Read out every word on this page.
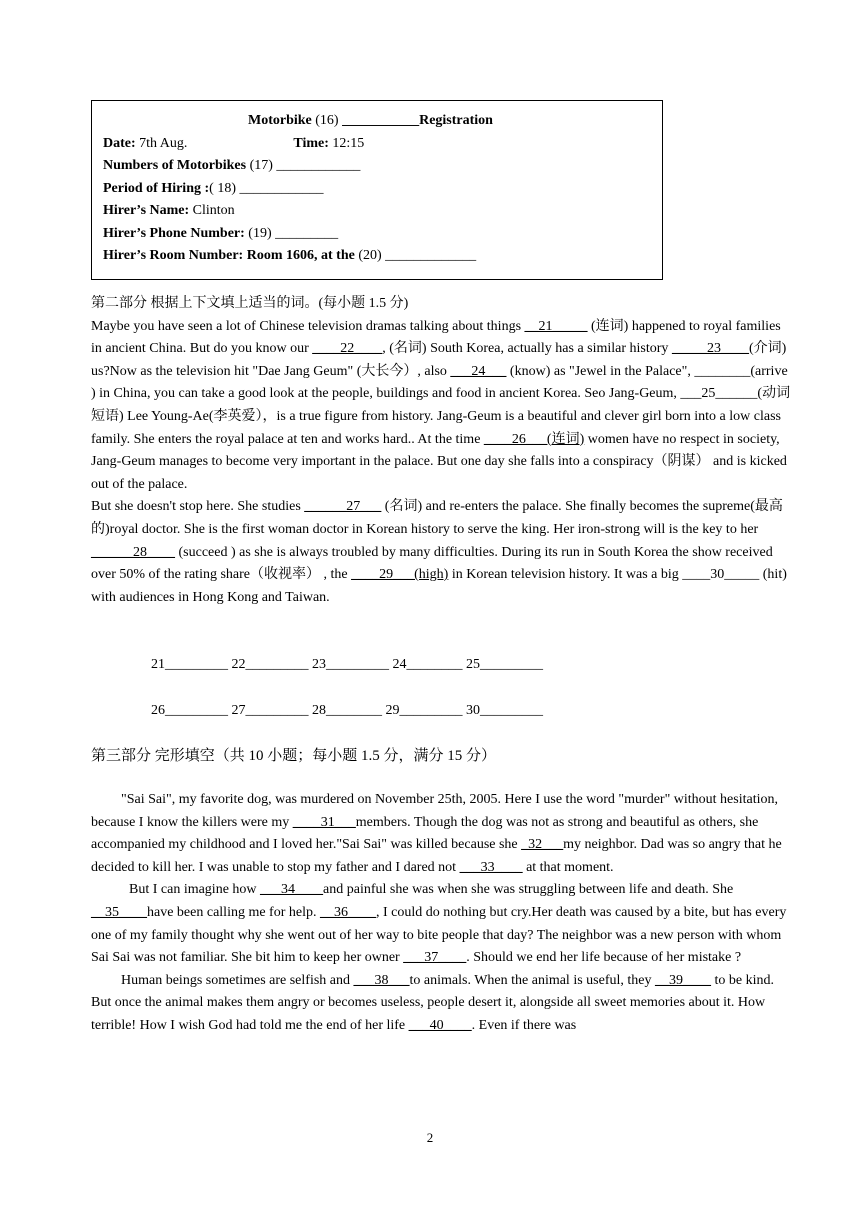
Motorbike (16) ___________Registration
Date: 7th Aug.	Time: 12:15
Numbers of Motorbikes (17) ____________
Period of Hiring :( 18) ____________
Hirer’s Name: Clinton
Hirer’s Phone Number: (19) _________
Hirer’s Room Number: Room 1606, at the (20) _____________
第二部分 根据上下文填上适当的词。(每小题 1.5 分)

Maybe you have seen a lot of Chinese television dramas talking about things __21_____ (连词) happened to royal families in ancient China. But do you know our ____22____, (名词) South Korea, actually has a similar history _____23____(介词) us?Now as the television hit "Dae Jang Geum" (大长今）, also ___24___ (know) as "Jewel in the Palace", ________(arrive ) in China, you can take a good look at the people, buildings and food in ancient Korea. Seo Jang-Geum, ___25______(动词短语) Lee Young-Ae(李英爱），is a true figure from history. Jang-Geum is a beautiful and clever girl born into a low class family. She enters the royal palace at ten and works hard.. At the time ____26___(连词) women have no respect in society, Jang-Geum manages to become very important in the palace. But one day she falls into a conspiracy（阴谋） and is kicked out of the palace.

But she doesn't stop here. She studies ______27___ (名词) and re-enters the palace. She finally becomes the supreme(最高的)royal doctor. She is the first woman doctor in Korean history to serve the king. Her iron-strong will is the key to her ______28____ (succeed ) as she is always troubled by many difficulties. During its run in South Korea the show received over 50% of the rating share（收视率） , the ____29___(high) in Korean television history. It was a big ____30_____ (hit) with audiences in Hong Kong and Taiwan.

21_________ 22_________ 23_________ 24________ 25_________
26_________ 27_________ 28________ 29_________ 30_________
第三部分 完形填空（共 10 小题；每小题 1.5 分，满分 15 分）

"Sai Sai", my favorite dog, was murdered on November 25th, 2005. Here I use the word "murder" without hesitation, because I know the killers were my ____31___members. Though the dog was not as strong and beautiful as others, she accompanied my childhood and I loved her."Sai Sai" was killed because she _32___my neighbor. Dad was so angry that he decided to kill her. I was unable to stop my father and I dared not ___33____ at that moment.

But I can imagine how ___34____and painful she was when she was struggling between life and death. She __35____have been calling me for help. __36____, I could do nothing but cry.Her death was caused by a bite, but has every one of my family thought why she went out of her way to bite people that day? The neighbor was a new person with whom Sai Sai was not familiar. She bit him to keep her owner ___37____. Should we end her life because of her mistake ?

Human beings sometimes are selfish and ___38___to animals. When the animal is useful, they __39____ to be kind. But once the animal makes them angry or becomes useless, people desert it, alongside all sweet memories about it. How terrible! How I wish God had told me the end of her life ___40____. Even if there was

2
